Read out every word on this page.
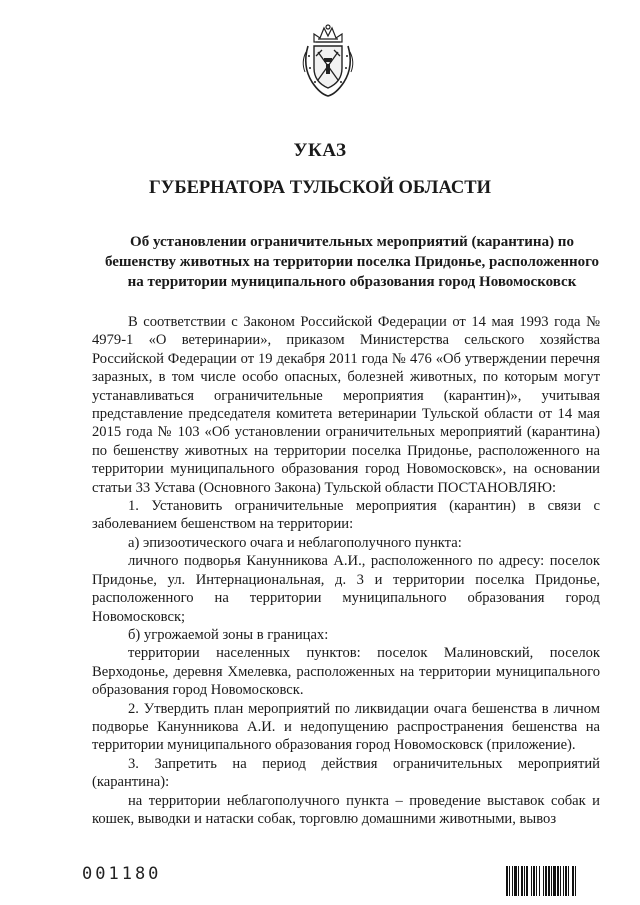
УКАЗ
ГУБЕРНАТОРА ТУЛЬСКОЙ ОБЛАСТИ
Об установлении ограничительных мероприятий (карантина) по
бешенству животных на территории поселка Придонье, расположенного
на территории муниципального образования город Новомосковск

В соответствии с Законом Российской Федерации от 14 мая 1993 года № 4979-1 «О ветеринарии», приказом Министерства сельского хозяйства Российской Федерации от 19 декабря 2011 года № 476 «Об утверждении перечня заразных, в том числе особо опасных, болезней животных, по которым могут устанавливаться ограничительные мероприятия (карантин)», учитывая представление председателя комитета ветеринарии Тульской области от 14 мая 2015 года № 103 «Об установлении ограничительных мероприятий (карантина) по бешенству животных на территории поселка Придонье, расположенного на территории муниципального образования город Новомосковск», на основании статьи 33 Устава (Основного Закона) Тульской области ПОСТАНОВЛЯЮ:

1. Установить ограничительные мероприятия (карантин) в связи с заболеванием бешенством на территории:

а) эпизоотического очага и неблагополучного пункта:

личного подворья Канунникова А.И., расположенного по адресу: поселок Придонье, ул. Интернациональная, д. 3 и территории поселка Придонье, расположенного на территории муниципального образования город Новомосковск;

б) угрожаемой зоны в границах:

территории населенных пунктов: поселок Малиновский, поселок Верходонье, деревня Хмелевка, расположенных на территории муниципального образования город Новомосковск.

2. Утвердить план мероприятий по ликвидации очага бешенства в личном подворье Канунникова А.И. и недопущению распространения бешенства на территории муниципального образования город Новомосковск (приложение).

3. Запретить на период действия ограничительных мероприятий (карантина):

на территории неблагополучного пункта – проведение выставок собак и кошек, выводки и натаски собак, торговлю домашними животными, вывоз

001180
